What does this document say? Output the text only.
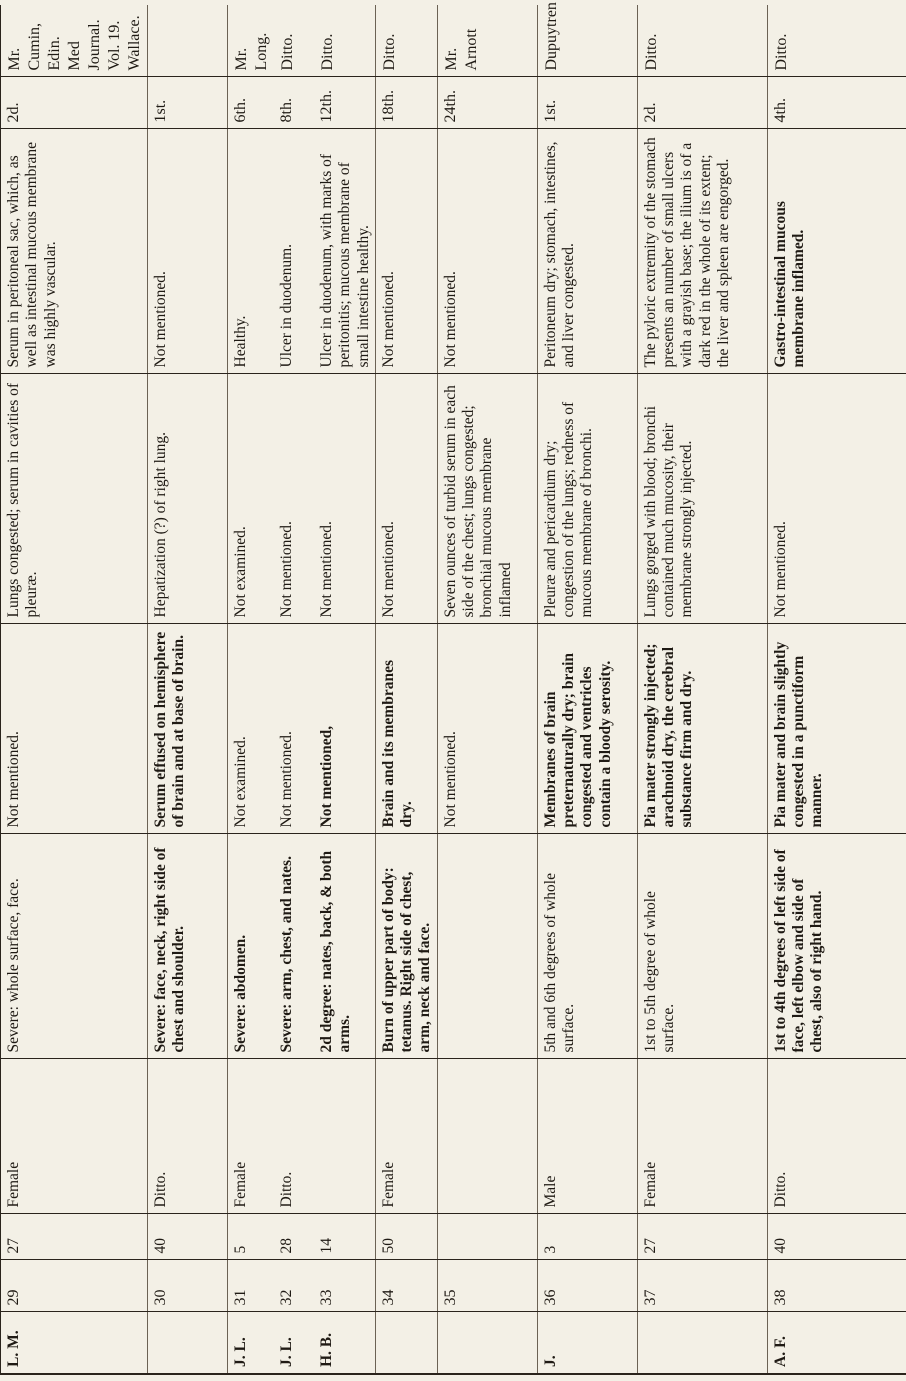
L. M.	29	27	Female	Severe: whole surface, face.	Not mentioned.	Lungs congested; serum in cavities of pleuræ.	Serum in peritoneal sac, which, as well as intestinal mucous membrane was highly vascular.	2d.	Mr. Cumin, Edin. Med Journal. Vol. 19. Wallace.
	30	40	Ditto.	Severe: face, neck, right side of chest and shoulder.	Serum effused on hemisphere of brain and at base of brain.	Hepatization (?) of right lung.	Not mentioned.	1st.	
J. L.	31	5	Female	Severe: abdomen.	Not examined.	Not examined.	Healthy.	6th.	Mr. Long.
J. L.	32	28	Ditto.	Severe: arm, chest, and nates.	Not mentioned.	Not mentioned.	Ulcer in duodenum.	8th.	Ditto.
H. B.	33	14		2d degree: nates, back, & both arms.	Not mentioned,	Not mentioned.	Ulcer in duodenum, with marks of peritonitis; mucous membrane of small intestine healthy.	12th.	Ditto.
	34	50	Female	Burn of upper part of body: tetanus. Right side of chest, arm, neck and face.	Brain and its membranes dry.	Not mentioned.	Not mentioned.	18th.	Ditto.
	35				Not mentioned.	Seven ounces of turbid serum in each side of the chest; lungs congested; bronchial mucous membrane inflamed	Not mentioned.	24th.	Mr. Arnott
J.	36	3	Male	5th and 6th degrees of whole surface.	Membranes of brain preternaturally dry; brain congested and ventricles contain a bloody serosity.	Pleuræ and pericardium dry; congestion of the lungs; redness of mucous membrane of bronchi.	Peritoneum dry; stomach, intestines, and liver congested.	1st.	Dupuytren
	37	27	Female	1st to 5th degree of whole surface.	Pia mater strongly injected; arachnoid dry, the cerebral substance firm and dry.	Lungs gorged with blood; bronchi contained much mucosity, their membrane strongly injected.	The pyloric extremity of the stomach presents an number of small ulcers with a grayish base; the ilium is of a dark red in the whole of its extent; the liver and spleen are engorged.	2d.	Ditto.
A. F.	38	40	Ditto.	1st to 4th degrees of left side of face, left elbow and side of chest, also of right hand.	Pia mater and brain slightly congested in a punctiform manner.	Not mentioned.	Gastro-intestinal mucous membrane inflamed.	4th.	Ditto.
